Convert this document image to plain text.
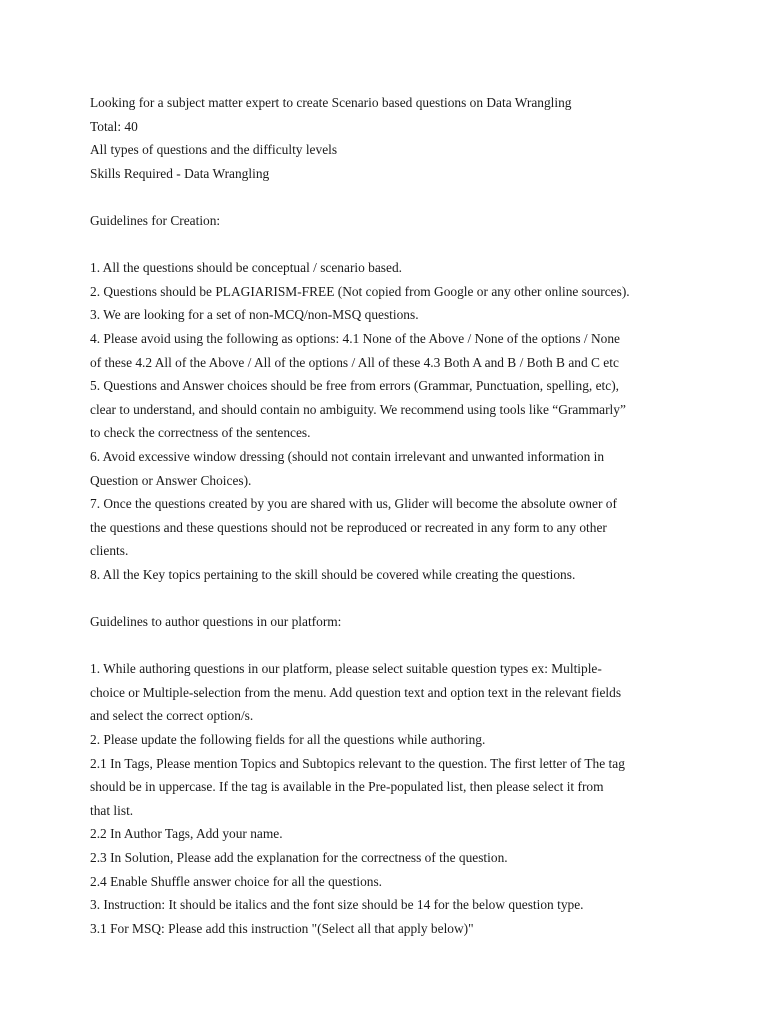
Looking for a subject matter expert to create Scenario based questions on Data Wrangling
Total: 40
All types of questions and the difficulty levels
Skills Required - Data Wrangling
Guidelines for Creation:
1. All the questions should be conceptual / scenario based.
2. Questions should be PLAGIARISM-FREE (Not copied from Google or any other online sources).
3. We are looking for a set of non-MCQ/non-MSQ questions.
4. Please avoid using the following as options: 4.1 None of the Above / None of the options / None
of these 4.2 All of the Above / All of the options / All of these 4.3 Both A and B / Both B and C etc
5. Questions and Answer choices should be free from errors (Grammar, Punctuation, spelling, etc),
clear to understand, and should contain no ambiguity. We recommend using tools like “Grammarly”
to check the correctness of the sentences.
6. Avoid excessive window dressing (should not contain irrelevant and unwanted information in
Question or Answer Choices).
7. Once the questions created by you are shared with us, Glider will become the absolute owner of
the questions and these questions should not be reproduced or recreated in any form to any other
clients.
8. All the Key topics pertaining to the skill should be covered while creating the questions.
Guidelines to author questions in our platform:
1. While authoring questions in our platform, please select suitable question types ex: Multiple-
choice or Multiple-selection from the menu. Add question text and option text in the relevant fields
and select the correct option/s.
2. Please update the following fields for all the questions while authoring.
2.1 In Tags, Please mention Topics and Subtopics relevant to the question. The first letter of The tag
should be in uppercase. If the tag is available in the Pre-populated list, then please select it from
that list.
2.2 In Author Tags, Add your name.
2.3 In Solution, Please add the explanation for the correctness of the question.
2.4 Enable Shuffle answer choice for all the questions.
3. Instruction: It should be italics and the font size should be 14 for the below question type.
3.1 For MSQ: Please add this instruction "(Select all that apply below)"
